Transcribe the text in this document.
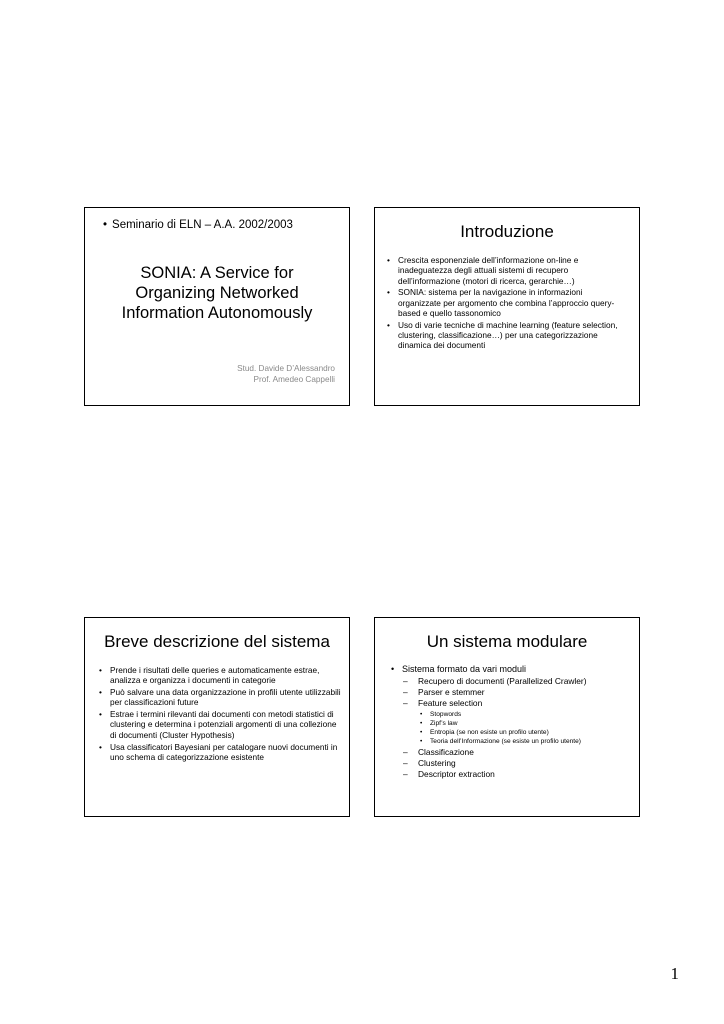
• Seminario di ELN – A.A. 2002/2003
SONIA: A Service for
Organizing Networked
Information Autonomously
Stud. Davide D’Alessandro
Prof. Amedeo Cappelli
Introduzione
• Crescita esponenziale dell’informazione on-line e inadeguatezza degli attuali sistemi di recupero dell’informazione (motori di ricerca, gerarchie…)
• SONIA: sistema per la navigazione in informazioni organizzate per argomento che combina l’approccio query-based e quello tassonomico
• Uso di varie tecniche di machine learning (feature selection, clustering, classificazione…) per una categorizzazione dinamica dei documenti
Breve descrizione del sistema
• Prende i risultati delle queries e automaticamente estrae, analizza e organizza i documenti in categorie
• Può salvare una data organizzazione in profili utente utilizzabili per classificazioni future
• Estrae i termini rilevanti dai documenti con metodi statistici di clustering e determina i potenziali argomenti di una collezione di documenti (Cluster Hypothesis)
• Usa classificatori Bayesiani per catalogare nuovi documenti in uno schema di categorizzazione esistente
Un sistema modulare
• Sistema formato da vari moduli
– Recupero di documenti (Parallelized Crawler)
– Parser e stemmer
– Feature selection
• Stopwords
• Zipf’s law
• Entropia (se non esiste un profilo utente)
• Teoria dell’Informazione (se esiste un profilo utente)
– Classificazione
– Clustering
– Descriptor extraction
1
